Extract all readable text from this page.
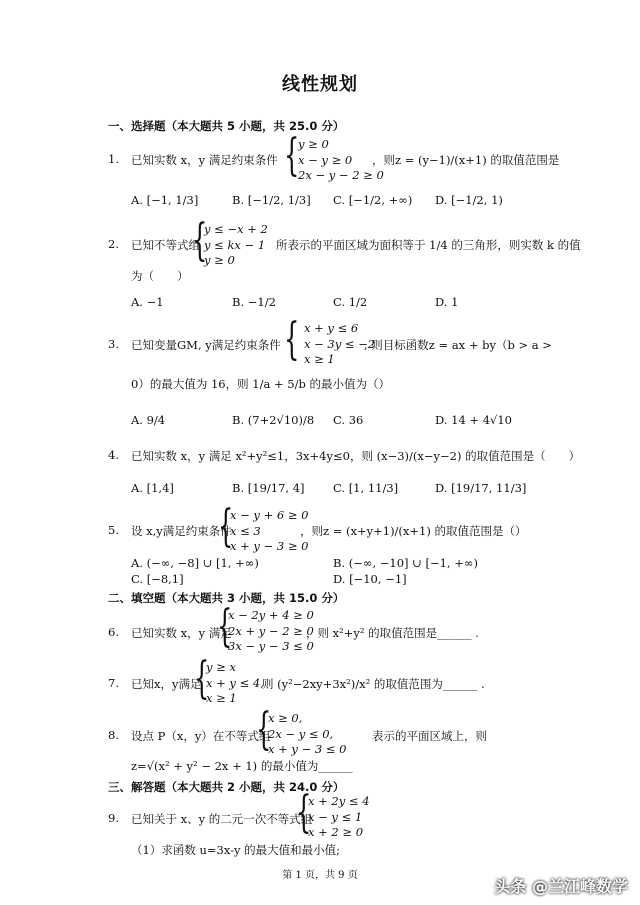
线性规划
一、选择题（本大题共 5 小题，共 25.0 分）
1.	已知实数 x，y 满足约束条件 {
y ≥ 0
x − y ≥ 0
2x − y − 2 ≥ 0
，则z = (y−1)/(x+1) 的取值范围是
A. [−1, 1/3]	B. [−1/2, 1/3] C. [−1/2, +∞) D. [−1/2, 1)
2.	已知不等式组
{
y ≤ −x + 2
y ≤ kx − 1
y ≥ 0
所表示的平面区域为面积等于 1/4 的三角形，则实数 k 的值
为（　　）
A. −1	B. −1/2	C. 1/2	D. 1
3.	已知变量GM, y满足约束条件 { x + y ≤ 6
x − 3y ≤ −2
x ≥ 1
, 则目标函数z = ax + by（b > a >
0）的最大值为 16，则 1/a + 5/b 的最小值为（）
A. 9/4	B. (7+2√10)/8 C. 36	D. 14 + 4√10
4.	已知实数 x，y 满足 x²+y²≤1，3x+4y≤0，则 (x−3)/(x−y−2) 的取值范围是（　　）
A. [1,4]	B. [19/17, 4] C. [1, 11/3]	D. [19/17, 11/3]
5.	设 x,y满足约束条件
{
x − y + 6 ≥ 0
x ≤ 3
x + y − 3 ≥ 0
，则z = (x+y+1)/(x+1) 的取值范围是（）
A. (−∞, −8] ∪ [1, +∞)	B. (−∞, −10] ∪ [−1, +∞)
C. [−8,1]	D. [−10, −1]
二、填空题（本大题共 3 小题，共 15.0 分）
6.	已知实数 x，y 满足
{
x − 2y + 4 ≥ 0
2x + y − 2 ≥ 0
3x − y − 3 ≤ 0
，则 x²+y² 的取值范围是______ .
7.	已知x，y满足
{
y ≥ x
x + y ≤ 4,
x ≥ 1
则 (y²−2xy+3x²)/x² 的取值范围为______ .
8.	设点 P（x，y）在不等式组
{
x ≥ 0,
2x − y ≤ 0,
x + y − 3 ≤ 0
表示的平面区域上，则
z=√(x² + y² − 2x + 1) 的最小值为______
三、解答题（本大题共 2 小题，共 24.0 分）
9.	已知关于 x、y 的二元一次不等式组
{
x + 2y ≤ 4
x − y ≤ 1
x + 2 ≥ 0
（1）求函数 u=3x-y 的最大值和最小值;
第 1 页，共 9 页
头条 @兰江峰数学
